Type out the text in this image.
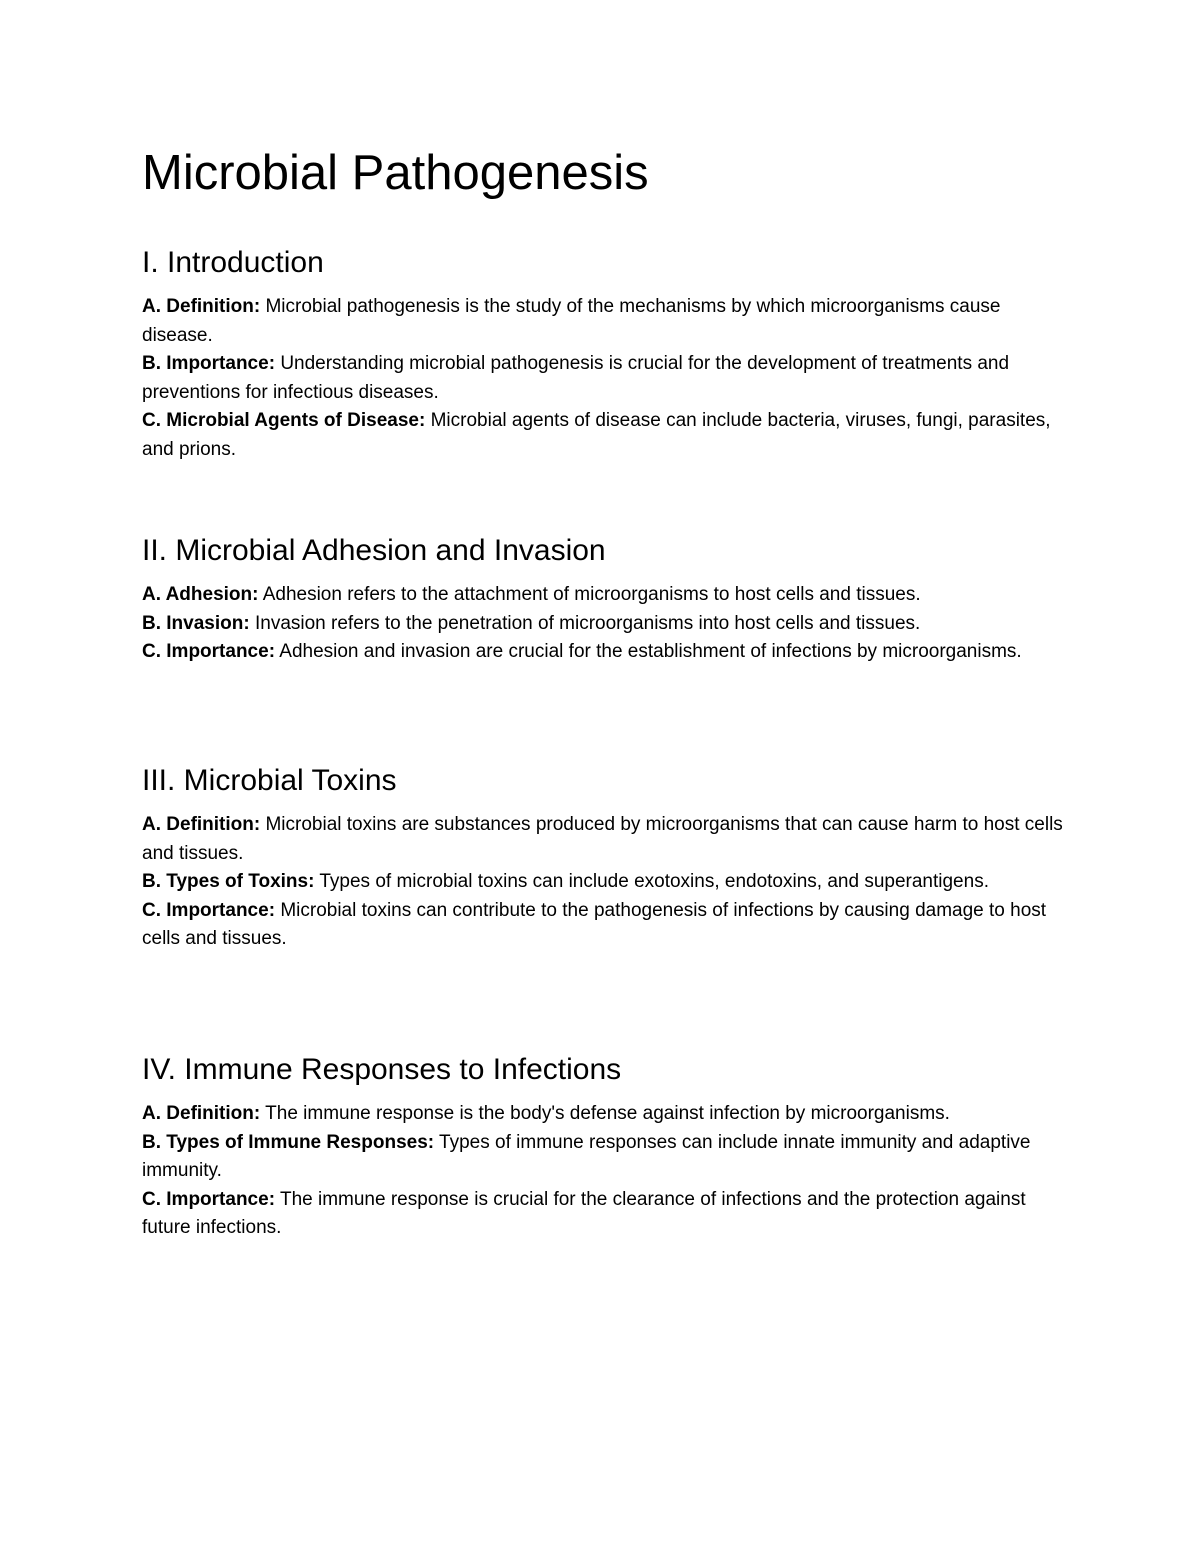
Microbial Pathogenesis
I. Introduction

A. Definition: Microbial pathogenesis is the study of the mechanisms by which microorganisms cause disease.

B. Importance: Understanding microbial pathogenesis is crucial for the development of treatments and preventions for infectious diseases.

C. Microbial Agents of Disease: Microbial agents of disease can include bacteria, viruses, fungi, parasites, and prions.

II. Microbial Adhesion and Invasion

A. Adhesion: Adhesion refers to the attachment of microorganisms to host cells and tissues.

B. Invasion: Invasion refers to the penetration of microorganisms into host cells and tissues.

C. Importance: Adhesion and invasion are crucial for the establishment of infections by microorganisms.

III. Microbial Toxins

A. Definition: Microbial toxins are substances produced by microorganisms that can cause harm to host cells and tissues.

B. Types of Toxins: Types of microbial toxins can include exotoxins, endotoxins, and superantigens.

C. Importance: Microbial toxins can contribute to the pathogenesis of infections by causing damage to host cells and tissues.

IV. Immune Responses to Infections

A. Definition: The immune response is the body's defense against infection by microorganisms.

B. Types of Immune Responses: Types of immune responses can include innate immunity and adaptive immunity.

C. Importance: The immune response is crucial for the clearance of infections and the protection against future infections.
